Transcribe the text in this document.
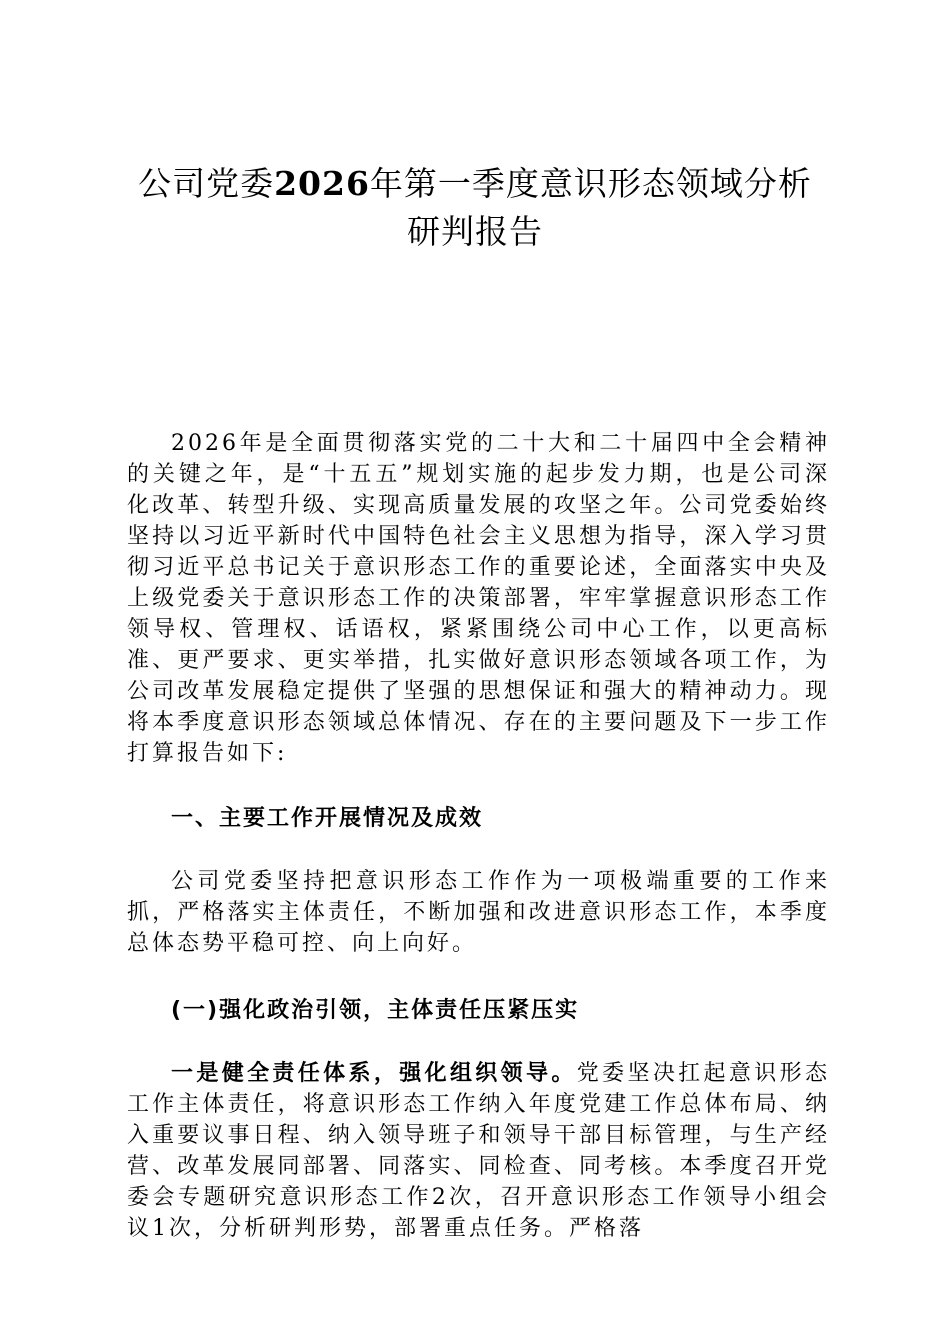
公司党委2026年第一季度意识形态领域分析
研判报告

2026年是全面贯彻落实党的二十大和二十届四中全会精神的关键之年，是“十五五”规划实施的起步发力期，也是公司深化改革、转型升级、实现高质量发展的攻坚之年。公司党委始终坚持以习近平新时代中国特色社会主义思想为指导，深入学习贯彻习近平总书记关于意识形态工作的重要论述，全面落实中央及上级党委关于意识形态工作的决策部署，牢牢掌握意识形态工作领导权、管理权、话语权，紧紧围绕公司中心工作，以更高标准、更严要求、更实举措，扎实做好意识形态领域各项工作，为公司改革发展稳定提供了坚强的思想保证和强大的精神动力。现将本季度意识形态领域总体情况、存在的主要问题及下一步工作打算报告如下:

一、主要工作开展情况及成效

公司党委坚持把意识形态工作作为一项极端重要的工作来抓，严格落实主体责任，不断加强和改进意识形态工作，本季度总体态势平稳可控、向上向好。

(一)强化政治引领，主体责任压紧压实

一是健全责任体系，强化组织领导。党委坚决扛起意识形态工作主体责任，将意识形态工作纳入年度党建工作总体布局、纳入重要议事日程、纳入领导班子和领导干部目标管理，与生产经营、改革发展同部署、同落实、同检查、同考核。本季度召开党委会专题研究意识形态工作2次，召开意识形态工作领导小组会议1次，分析研判形势，部署重点任务。严格落
